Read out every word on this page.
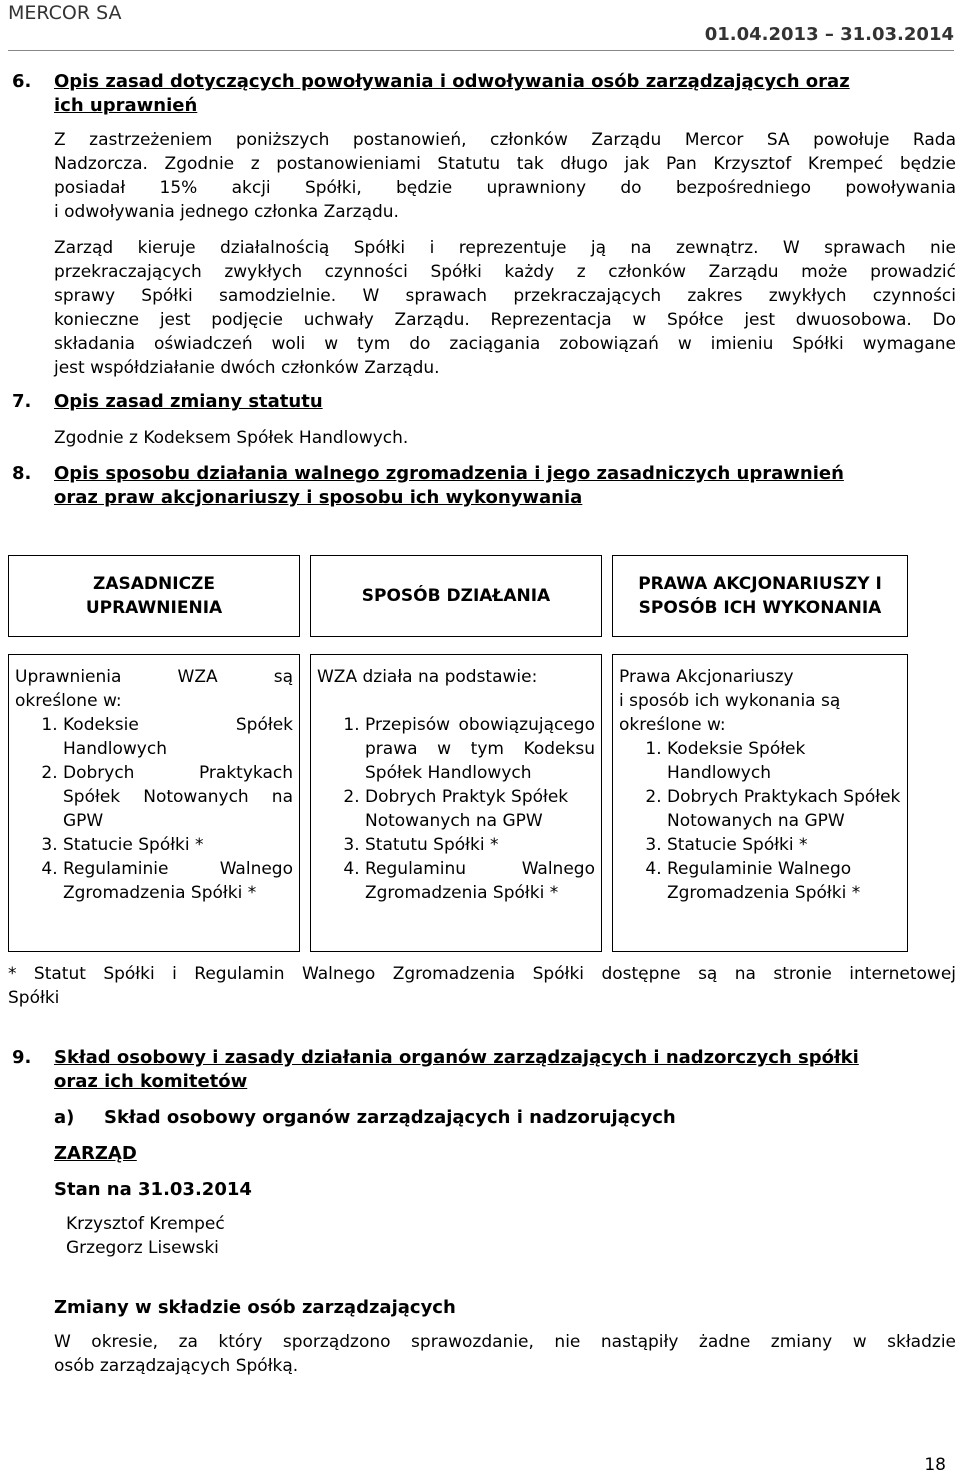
MERCOR SA
01.04.2013 – 31.03.2014
6. Opis zasad dotyczących powoływania i odwoływania osób zarządzających oraz
ich uprawnień
Z zastrzeżeniem poniższych postanowień, członków Zarządu Mercor SA powołuje Rada
Nadzorcza. Zgodnie z postanowieniami Statutu tak długo jak Pan Krzysztof Krempeć będzie
posiadał 15% akcji Spółki, będzie uprawniony do bezpośredniego powoływania
i odwoływania jednego członka Zarządu.
Zarząd kieruje działalnością Spółki i reprezentuje ją na zewnątrz. W sprawach nie
przekraczających zwykłych czynności Spółki każdy z członków Zarządu może prowadzić
sprawy Spółki samodzielnie. W sprawach przekraczających zakres zwykłych czynności
konieczne jest podjęcie uchwały Zarządu. Reprezentacja w Spółce jest dwuosobowa. Do
składania oświadczeń woli w tym do zaciągania zobowiązań w imieniu Spółki wymagane
jest współdziałanie dwóch członków Zarządu.
7. Opis zasad zmiany statutu
Zgodnie z Kodeksem Spółek Handlowych.
8. Opis sposobu działania walnego zgromadzenia i jego zasadniczych uprawnień
oraz praw akcjonariuszy i sposobu ich wykonywania
ZASADNICZE UPRAWNIENIA
SPOSÓB DZIAŁANIA
PRAWA AKCJONARIUSZY I SPOSÓB ICH WYKONANIA
Uprawnienia WZA są
określone w:
1. Kodeksie Spółek Handlowych
2. Dobrych Praktykach Spółek Notowanych na GPW
3. Statucie Spółki *
4. Regulaminie Walnego Zgromadzenia Spółki *
WZA działa na podstawie:
1. Przepisów obowiązującego prawa w tym Kodeksu Spółek Handlowych
2. Dobrych Praktyk Spółek Notowanych na GPW
3. Statutu Spółki *
4. Regulaminu Walnego Zgromadzenia Spółki *
Prawa Akcjonariuszy
i sposób ich wykonania są
określone w:
1. Kodeksie Spółek Handlowych
2. Dobrych Praktykach Spółek Notowanych na GPW
3. Statucie Spółki *
4. Regulaminie Walnego Zgromadzenia Spółki *
* Statut Spółki i Regulamin Walnego Zgromadzenia Spółki dostępne są na stronie internetowej
Spółki
9. Skład osobowy i zasady działania organów zarządzających i nadzorczych spółki
oraz ich komitetów
a) Skład osobowy organów zarządzających i nadzorujących
ZARZĄD
Stan na 31.03.2014
Krzysztof Krempeć
Grzegorz Lisewski
Zmiany w składzie osób zarządzających
W okresie, za który sporządzono sprawozdanie, nie nastąpiły żadne zmiany w składzie
osób zarządzających Spółką.
18
